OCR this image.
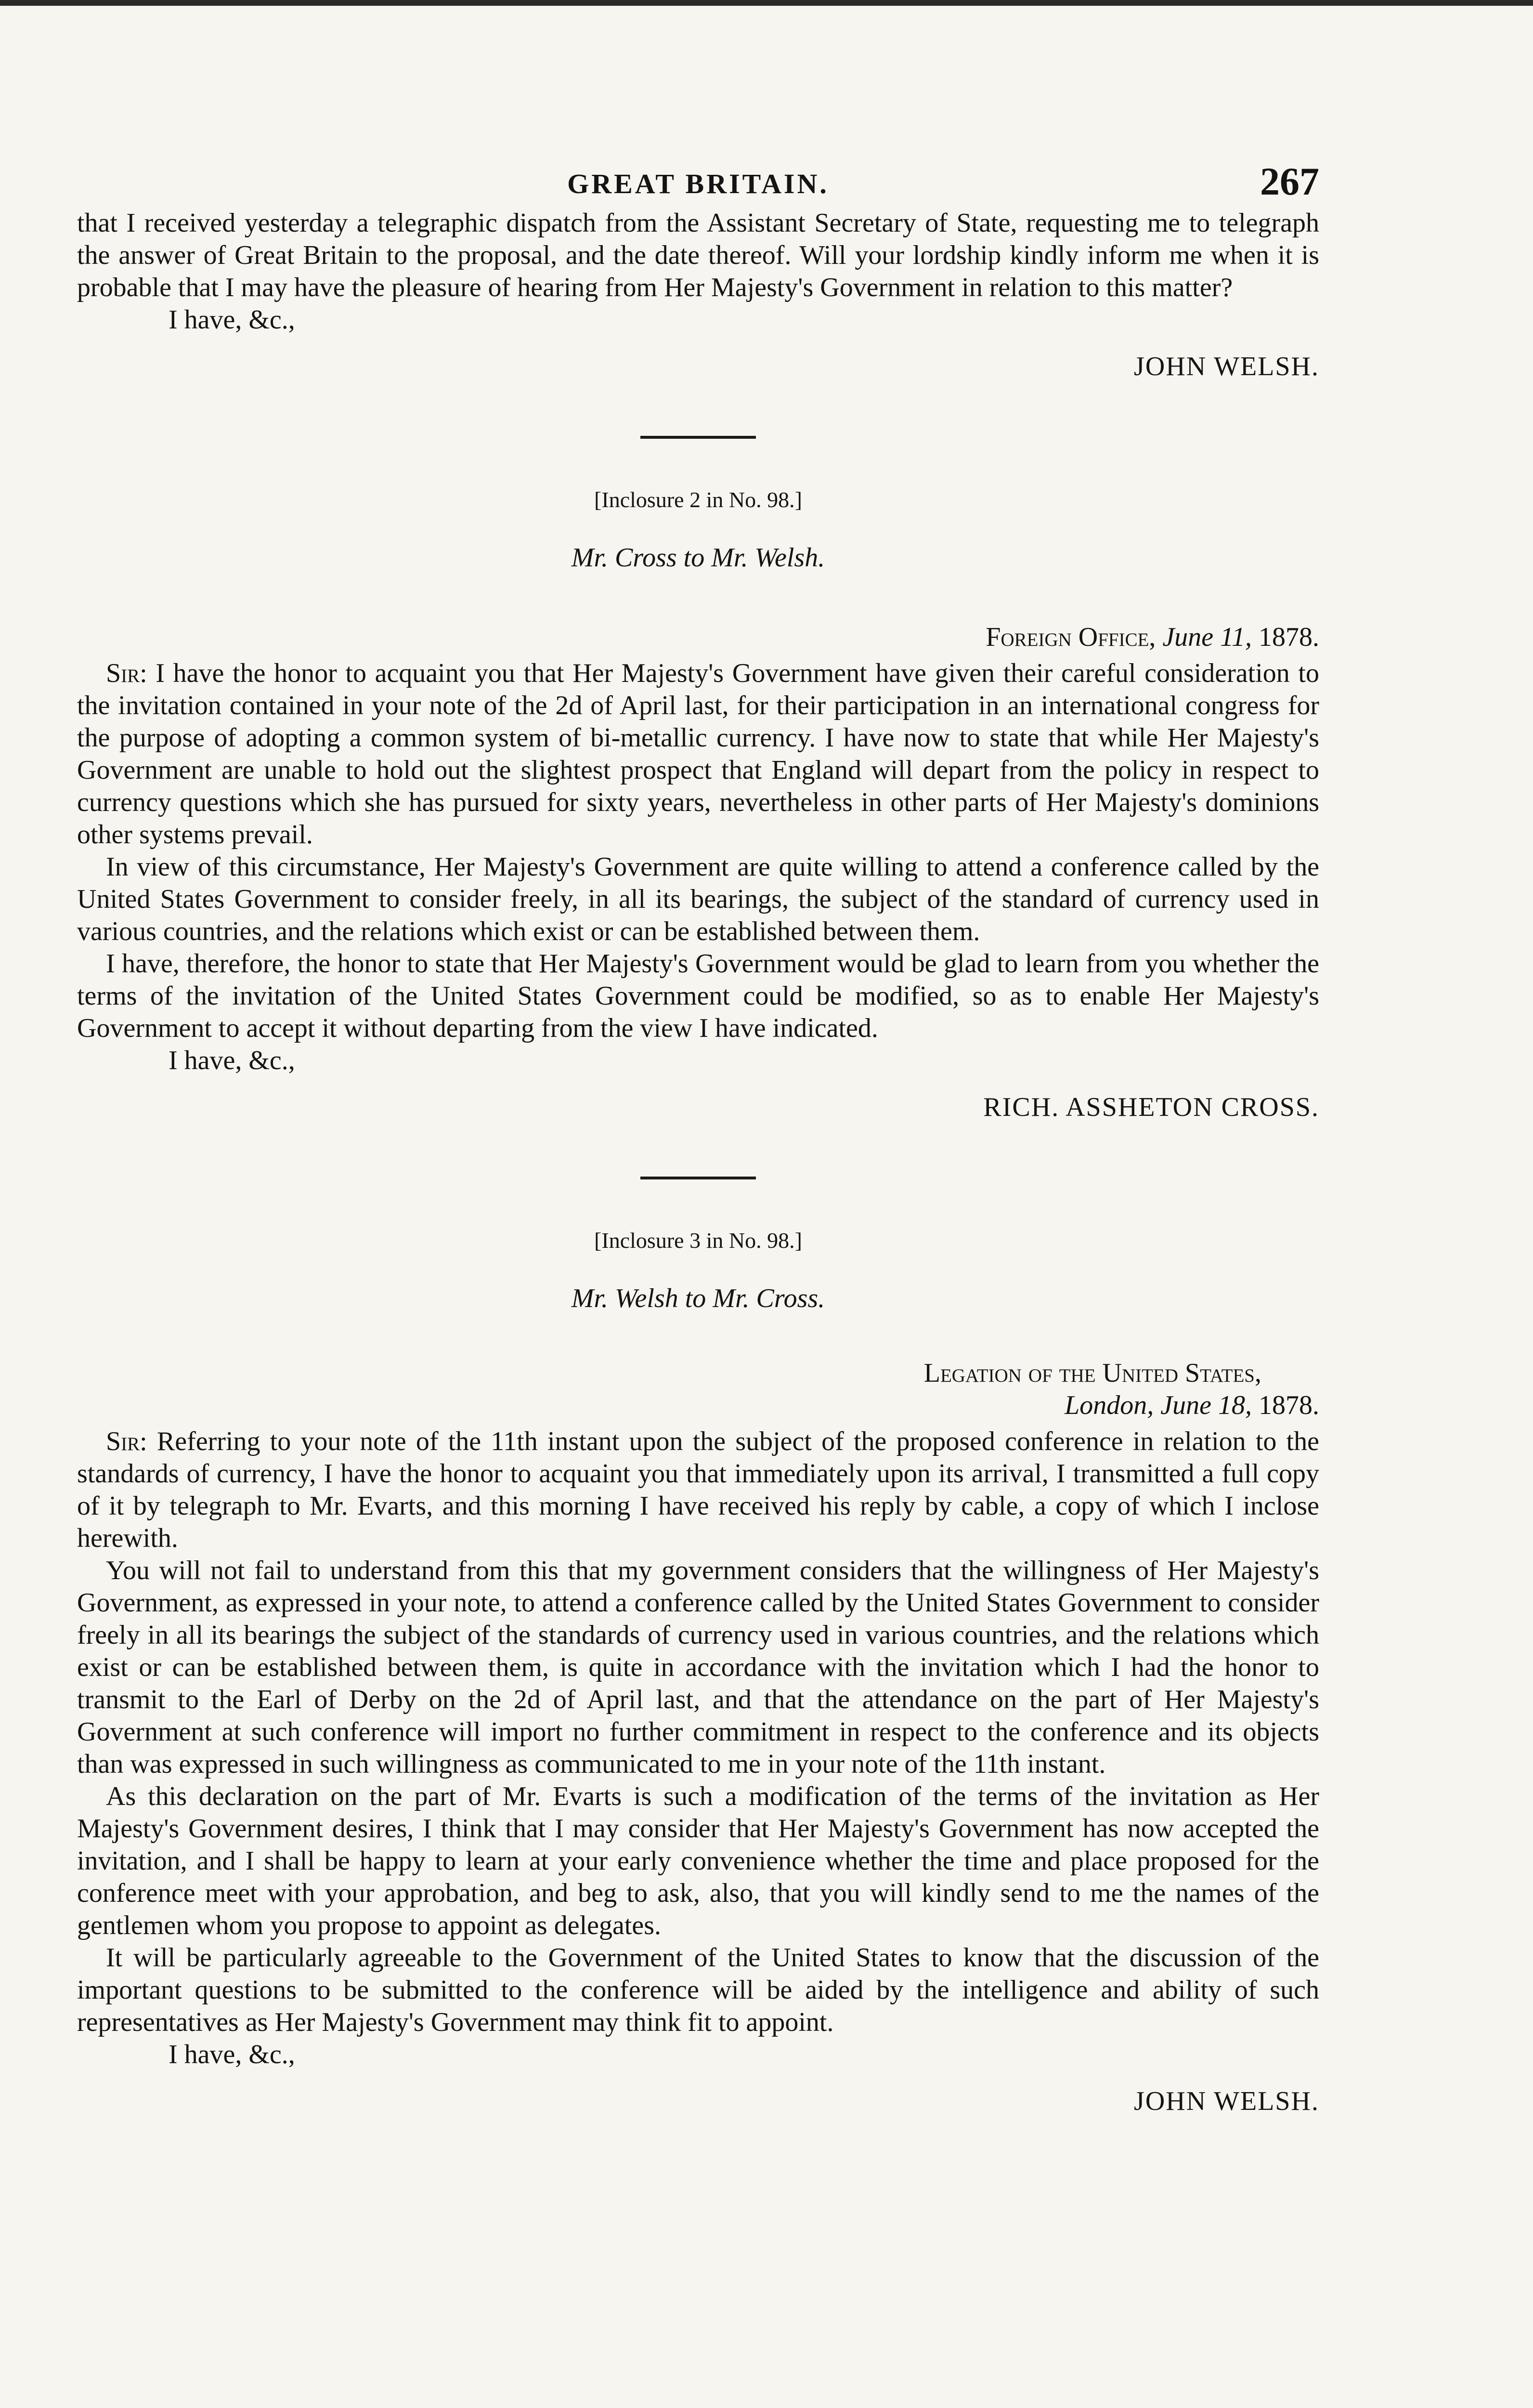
GREAT BRITAIN.	267

that I received yesterday a telegraphic dispatch from the Assistant Secretary of State, requesting me to telegraph the answer of Great Britain to the proposal, and the date thereof. Will your lordship kindly inform me when it is probable that I may have the pleasure of hearing from Her Majesty's Government in relation to this matter?

I have, &c.,

JOHN WELSH.

[Inclosure 2 in No. 98.]
Mr. Cross to Mr. Welsh.
Foreign Office, June 11, 1878.

Sir: I have the honor to acquaint you that Her Majesty's Government have given their careful consideration to the invitation contained in your note of the 2d of April last, for their participation in an international congress for the purpose of adopting a common system of bi-metallic currency. I have now to state that while Her Majesty's Government are unable to hold out the slightest prospect that England will depart from the policy in respect to currency questions which she has pursued for sixty years, nevertheless in other parts of Her Majesty's dominions other systems prevail.

In view of this circumstance, Her Majesty's Government are quite willing to attend a conference called by the United States Government to consider freely, in all its bearings, the subject of the standard of currency used in various countries, and the relations which exist or can be established between them.

I have, therefore, the honor to state that Her Majesty's Government would be glad to learn from you whether the terms of the invitation of the United States Government could be modified, so as to enable Her Majesty's Government to accept it without departing from the view I have indicated.

I have, &c.,

RICH. ASSHETON CROSS.

[Inclosure 3 in No. 98.]
Mr. Welsh to Mr. Cross.
Legation of the United States,
London, June 18, 1878.

Sir: Referring to your note of the 11th instant upon the subject of the proposed conference in relation to the standards of currency, I have the honor to acquaint you that immediately upon its arrival, I transmitted a full copy of it by telegraph to Mr. Evarts, and this morning I have received his reply by cable, a copy of which I inclose herewith.

You will not fail to understand from this that my government considers that the willingness of Her Majesty's Government, as expressed in your note, to attend a conference called by the United States Government to consider freely in all its bearings the subject of the standards of currency used in various countries, and the relations which exist or can be established between them, is quite in accordance with the invitation which I had the honor to transmit to the Earl of Derby on the 2d of April last, and that the attendance on the part of Her Majesty's Government at such conference will import no further commitment in respect to the conference and its objects than was expressed in such willingness as communicated to me in your note of the 11th instant.

As this declaration on the part of Mr. Evarts is such a modification of the terms of the invitation as Her Majesty's Government desires, I think that I may consider that Her Majesty's Government has now accepted the invitation, and I shall be happy to learn at your early convenience whether the time and place proposed for the conference meet with your approbation, and beg to ask, also, that you will kindly send to me the names of the gentlemen whom you propose to appoint as delegates.

It will be particularly agreeable to the Government of the United States to know that the discussion of the important questions to be submitted to the conference will be aided by the intelligence and ability of such representatives as Her Majesty's Government may think fit to appoint.

I have, &c.,

JOHN WELSH.
